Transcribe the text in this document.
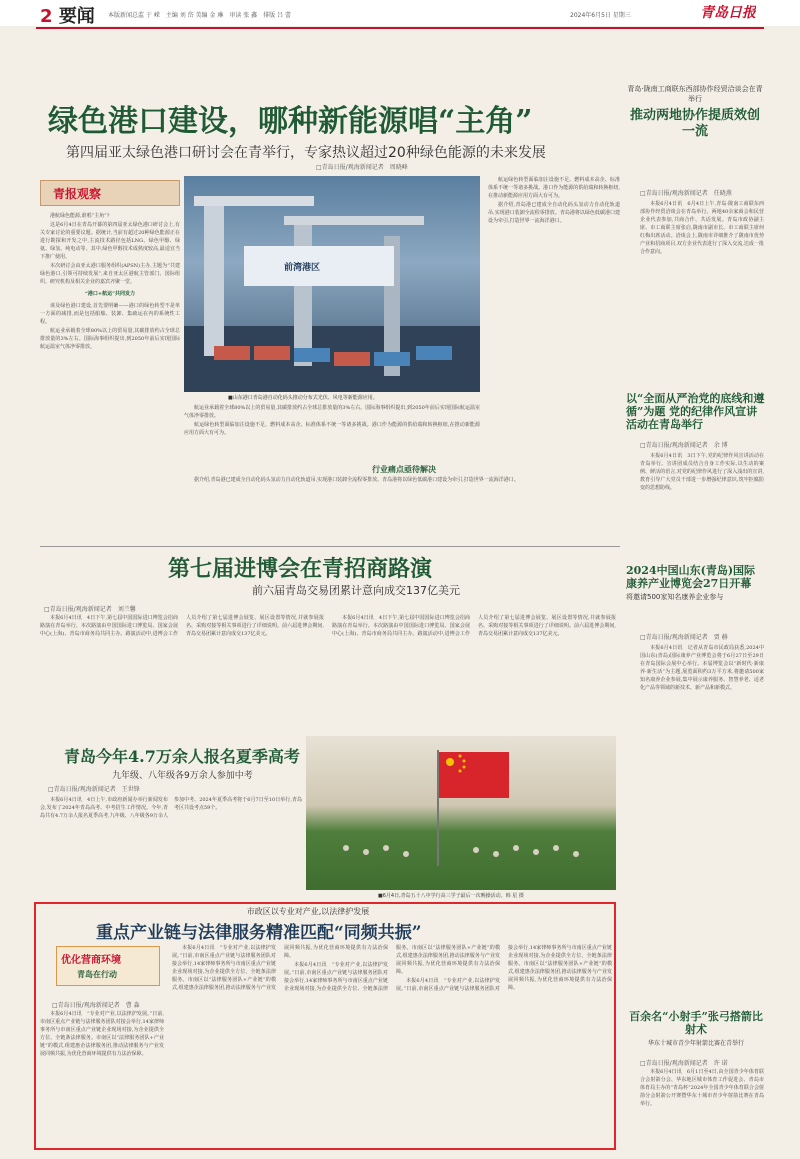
2 要闻 本版新闻总监 于 嵘　主编 刘 岱 美编 金 琳　审读 张 鑫　排版 吕 蕾	2024年6月5日 星期三	青岛日报
绿色港口建设，哪种新能源唱“主角”
第四届亚太绿色港口研讨会在青举行，专家热议超过20种绿色能源的未来发展
□青岛日报/观海新闻记者　周晓峰
青报观察

港航绿色能源,谁唱“主角”?

这是6月4日在青岛开幕的第四届亚太绿色港口研讨会上,有关专家讨论的重要议题。据统计,当前有超过20种绿色能源正在进行勘探和开发之中,主流技术路径包括LNG、绿色甲醇、绿氨、绿氢、纯电动等。其中,绿色甲醇技术成熟度较高,最适宜当下推广使用。

本次研讨会由亚太港口服务组织(APSN)主办,主题为“共建绿色港口,引领可持续发展”,来自亚太区港航主管部门、国际组织、研究机构及相关企业的嘉宾齐聚一堂。

“港口+航运”共同发力

谈及绿色港口建设,首先要明确——港口的绿色转型不是单一方面的减排,而是包括船舶、装卸、集疏运在内的系统性工程。

航运业承载着全球80%以上的贸易量,其碳排放约占全球总排放量的3%左右。国际海事组织提出,到2050年前后实现国际航运温室气体净零排放。

前湾港区
■山东港口青岛港自动化码头推动分布式光伏、风电等新能源应用。

航运绿色转型面临加注设施不足、燃料成本高企、标准体系不统一等诸多挑战。港口作为能源的供给端和转换枢纽,在推动新能源应用方面大有可为。

据介绍,青岛港已建成全自动化码头氢动力自动化轨道吊,实现港口装卸全流程零排放。青岛港将以绿色低碳港口建设为牵引,打造世界一流海洋港口。

航运业承载着全球80%以上的贸易量,其碳排放约占全球总排放量的3%左右。国际海事组织提出,到2050年前后实现国际航运温室气体净零排放。

航运绿色转型面临加注设施不足、燃料成本高企、标准体系不统一等诸多挑战。港口作为能源的供给端和转换枢纽,在推动新能源应用方面大有可为。

行业痛点亟待解决

据介绍,青岛港已建成全自动化码头氢动力自动化轨道吊,实现港口装卸全流程零排放。青岛港将以绿色低碳港口建设为牵引,打造世界一流海洋港口。

青岛·陇南工商联东西部协作经贸洽谈会在青举行
推动两地协作提质效创一流
□青岛日报/观海新闻记者　任晓燕

本报6月4日讯　6月4日上午,青岛·陇南工商联东西部协作经贸洽谈会在青岛举行。两地40余家商会和民营企业代表参加,共商合作、共话发展。青岛市政协副主席、市工商联主席张启,陇南市副市长、市工商联主席何红梅出席活动。洽谈会上,陇南市详细推介了陇南市优势产业和招商项目,双方企业代表进行了深入交流,达成一批合作意向。

以“全面从严治党的底线和遵循”为题 党的纪律作风宣讲活动在青岛举行
□青岛日报/观海新闻记者　余 博

本报6月4日讯　3日下午,党的纪律作风宣讲活动在青岛举行。宣讲团成员结合自身工作实际,以生动的案例、鲜活的语言,对党的纪律作风进行了深入浅出的宣讲,教育引导广大党员干部进一步增强纪律意识,筑牢拒腐防变的思想防线。

2024中国山东(青岛)国际康养产业博览会27日开幕
将邀请500家知名康养企业参与
□青岛日报/观海新闻记者　贾 赫

本报6月4日讯　记者从青岛市民政局获悉,2024中国山东(青岛)国际康养产业博览会将于6月27日至29日在青岛国际会展中心举行。本届博览会以“新时代·新康养·新生活”为主题,展览面积约3万平方米,将邀请500家知名康养企业参展,集中展示康养服务、智慧养老、适老化产品等领域的新技术、新产品和新模式。

第七届进博会在青招商路演
前六届青岛交易团累计意向成交137亿美元
□青岛日报/观海新闻记者　刘兰馨

本报6月4日讯　4日下午,第七届中国国际进口博览会招商路演在青岛举行。本次路演由中国国际进口博览局、国家会展中心(上海)、青岛市商务局共同主办。路演活动中,进博会工作人员介绍了第七届进博会展览、展区设置等情况,并就参展报名、采购对接等相关事项进行了详细说明。前六届进博会期间,青岛交易团累计意向成交137亿美元。

本报6月4日讯　4日下午,第七届中国国际进口博览会招商路演在青岛举行。本次路演由中国国际进口博览局、国家会展中心(上海)、青岛市商务局共同主办。路演活动中,进博会工作人员介绍了第七届进博会展览、展区设置等情况,并就参展报名、采购对接等相关事项进行了详细说明。前六届进博会期间,青岛交易团累计意向成交137亿美元。

青岛今年4.7万余人报名夏季高考
九年级、八年级各9万余人参加中考
□青岛日报/观海新闻记者　王世锋

本报6月4日讯　4日上午,市政府新闻办举行新闻发布会,发布了2024年青岛高考、中考招生工作情况。今年,青岛共有4.7万余人报名夏季高考,九年级、八年级各9万余人参加中考。2024年夏季高考将于6月7日至10日举行,青岛考区共设考点59个。

■6月4日,青岛五十八中学行高三学子最后一次晚操活动。韩 星 摄
市政区以专业对产业,以法律护发展
重点产业链与法律服务精准匹配“同频共振”
优化营商环境
青岛在行动
□青岛日报/观海新闻记者　曹 淼

本报6月4日讯　“专业对产业,以法律护发展。”日前,市南区重点产业链与法律服务团队对接会举行,14家律师事务所与市南区重点产业链企业现场对接,为企业提供全方位、全链条法律服务。市南区以“法律服务团队+产业链”的模式,组建惠企法律服务团,推动法律服务与产业发展同频共振,为优化营商环境提供有力法治保障。

本报6月4日讯　“专业对产业,以法律护发展。”日前,市南区重点产业链与法律服务团队对接会举行,14家律师事务所与市南区重点产业链企业现场对接,为企业提供全方位、全链条法律服务。市南区以“法律服务团队+产业链”的模式,组建惠企法律服务团,推动法律服务与产业发展同频共振,为优化营商环境提供有力法治保障。

本报6月4日讯　“专业对产业,以法律护发展。”日前,市南区重点产业链与法律服务团队对接会举行,14家律师事务所与市南区重点产业链企业现场对接,为企业提供全方位、全链条法律服务。市南区以“法律服务团队+产业链”的模式,组建惠企法律服务团,推动法律服务与产业发展同频共振,为优化营商环境提供有力法治保障。

本报6月4日讯　“专业对产业,以法律护发展。”日前,市南区重点产业链与法律服务团队对接会举行,14家律师事务所与市南区重点产业链企业现场对接,为企业提供全方位、全链条法律服务。市南区以“法律服务团队+产业链”的模式,组建惠企法律服务团,推动法律服务与产业发展同频共振,为优化营商环境提供有力法治保障。

百余名“小射手”张弓搭箭比射术
华东十城市青少年射箭比赛在青举行
□青岛日报/观海新闻记者　许 诺

本报6月4日讯　6月1日至4日,由全国青少年体育联合会射箭分会、华东地区城市体育工作促进会、青岛市体育局主办的“青岛杯”2024年全国青少年体育联合会射箭分会射箭公开赛暨华东十城市青少年射箭比赛在青岛举行。
